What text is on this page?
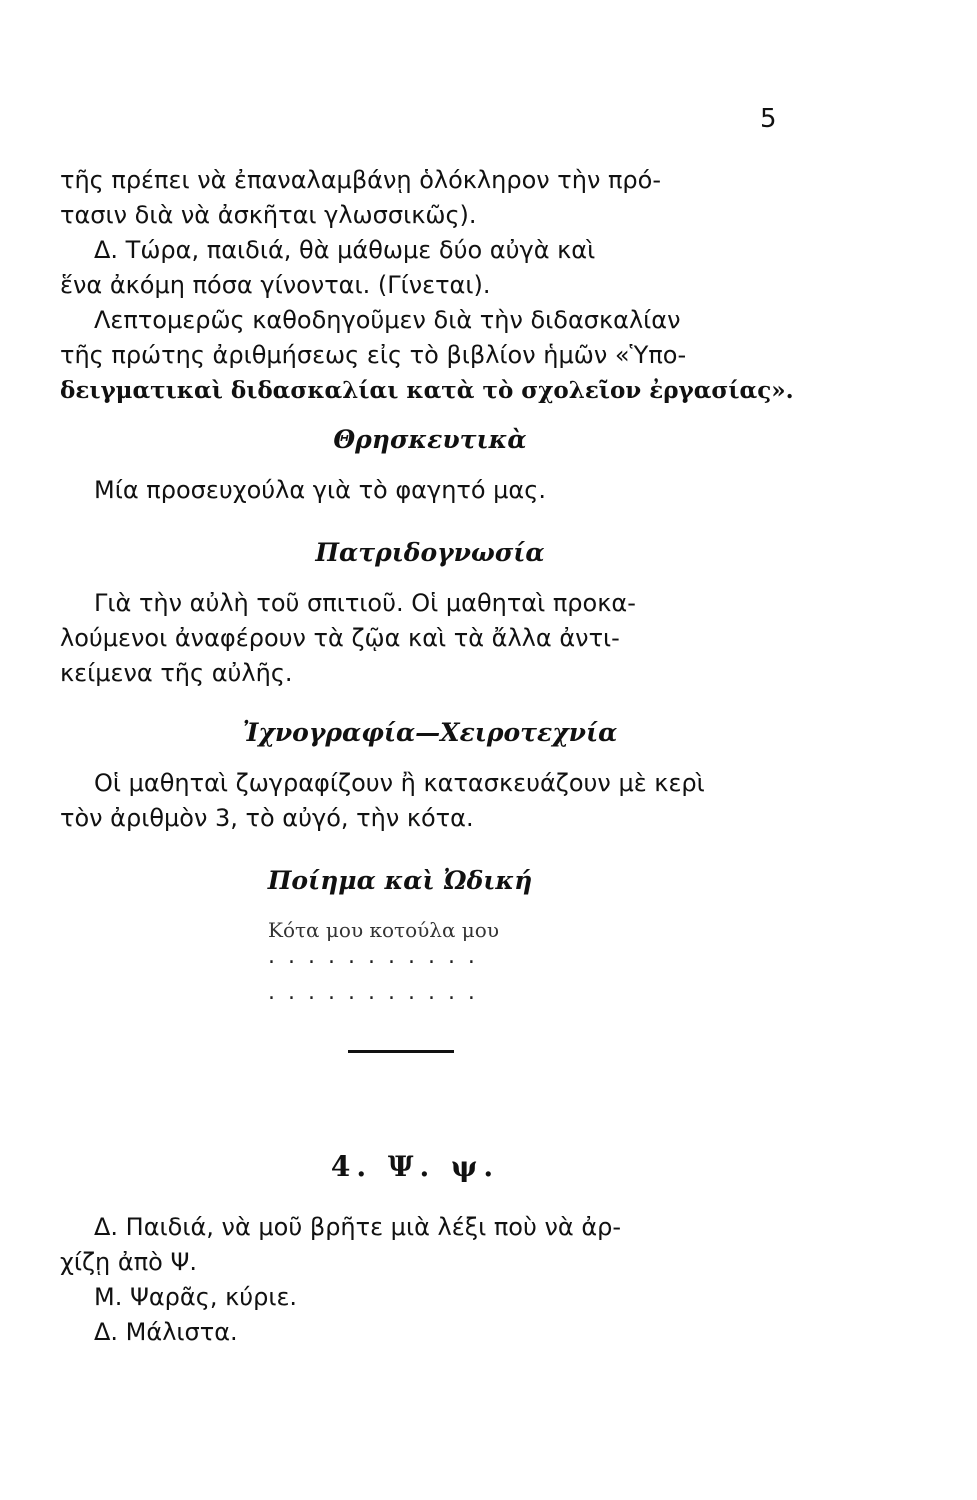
5

τῆς πρέπει νὰ ἐπαναλαμβάνῃ ὁλόκληρον τὴν πρό-
τασιν διὰ νὰ ἀσκῆται γλωσσικῶς).
Δ. Τώρα, παιδιά, θὰ μάθωμε δύο αὐγὰ καὶ
ἕνα ἀκόμη πόσα γίνονται. (Γίνεται).
Λεπτομερῶς καθοδηγοῦμεν διὰ τὴν διδασκαλίαν
τῆς πρώτης ἀριθμήσεως εἰς τὸ βιβλίον ἡμῶν «Ὑπο-
δειγματικαὶ διδασκαλίαι κατὰ τὸ σχολεῖον ἐργασίας».

Θρησκευτικὰ

Μία προσευχούλα γιὰ τὸ φαγητό μας.

Πατριδογνωσία

Γιὰ τὴν αὐλὴ τοῦ σπιτιοῦ. Οἱ μαθηταὶ προκα-
λούμενοι ἀναφέρουν τὰ ζῷα καὶ τὰ ἄλλα ἀντι-
κείμενα τῆς αὐλῆς.

Ἰχνογραφία—Χειροτεχνία

Οἱ μαθηταὶ ζωγραφίζουν ἢ κατασκευάζουν μὲ κερὶ
τὸν ἀριθμὸν 3, τὸ αὐγό, τὴν κότα.

Ποίημα καὶ Ὠδική
Κότα μου κοτούλα μου
...........
...........
4. Ψ. ψ.

Δ. Παιδιά, νὰ μοῦ βρῆτε μιὰ λέξι ποὺ νὰ ἀρ-
χίζῃ ἀπὸ Ψ.
Μ. Ψαρᾶς, κύριε.
Δ. Μάλιστα.
